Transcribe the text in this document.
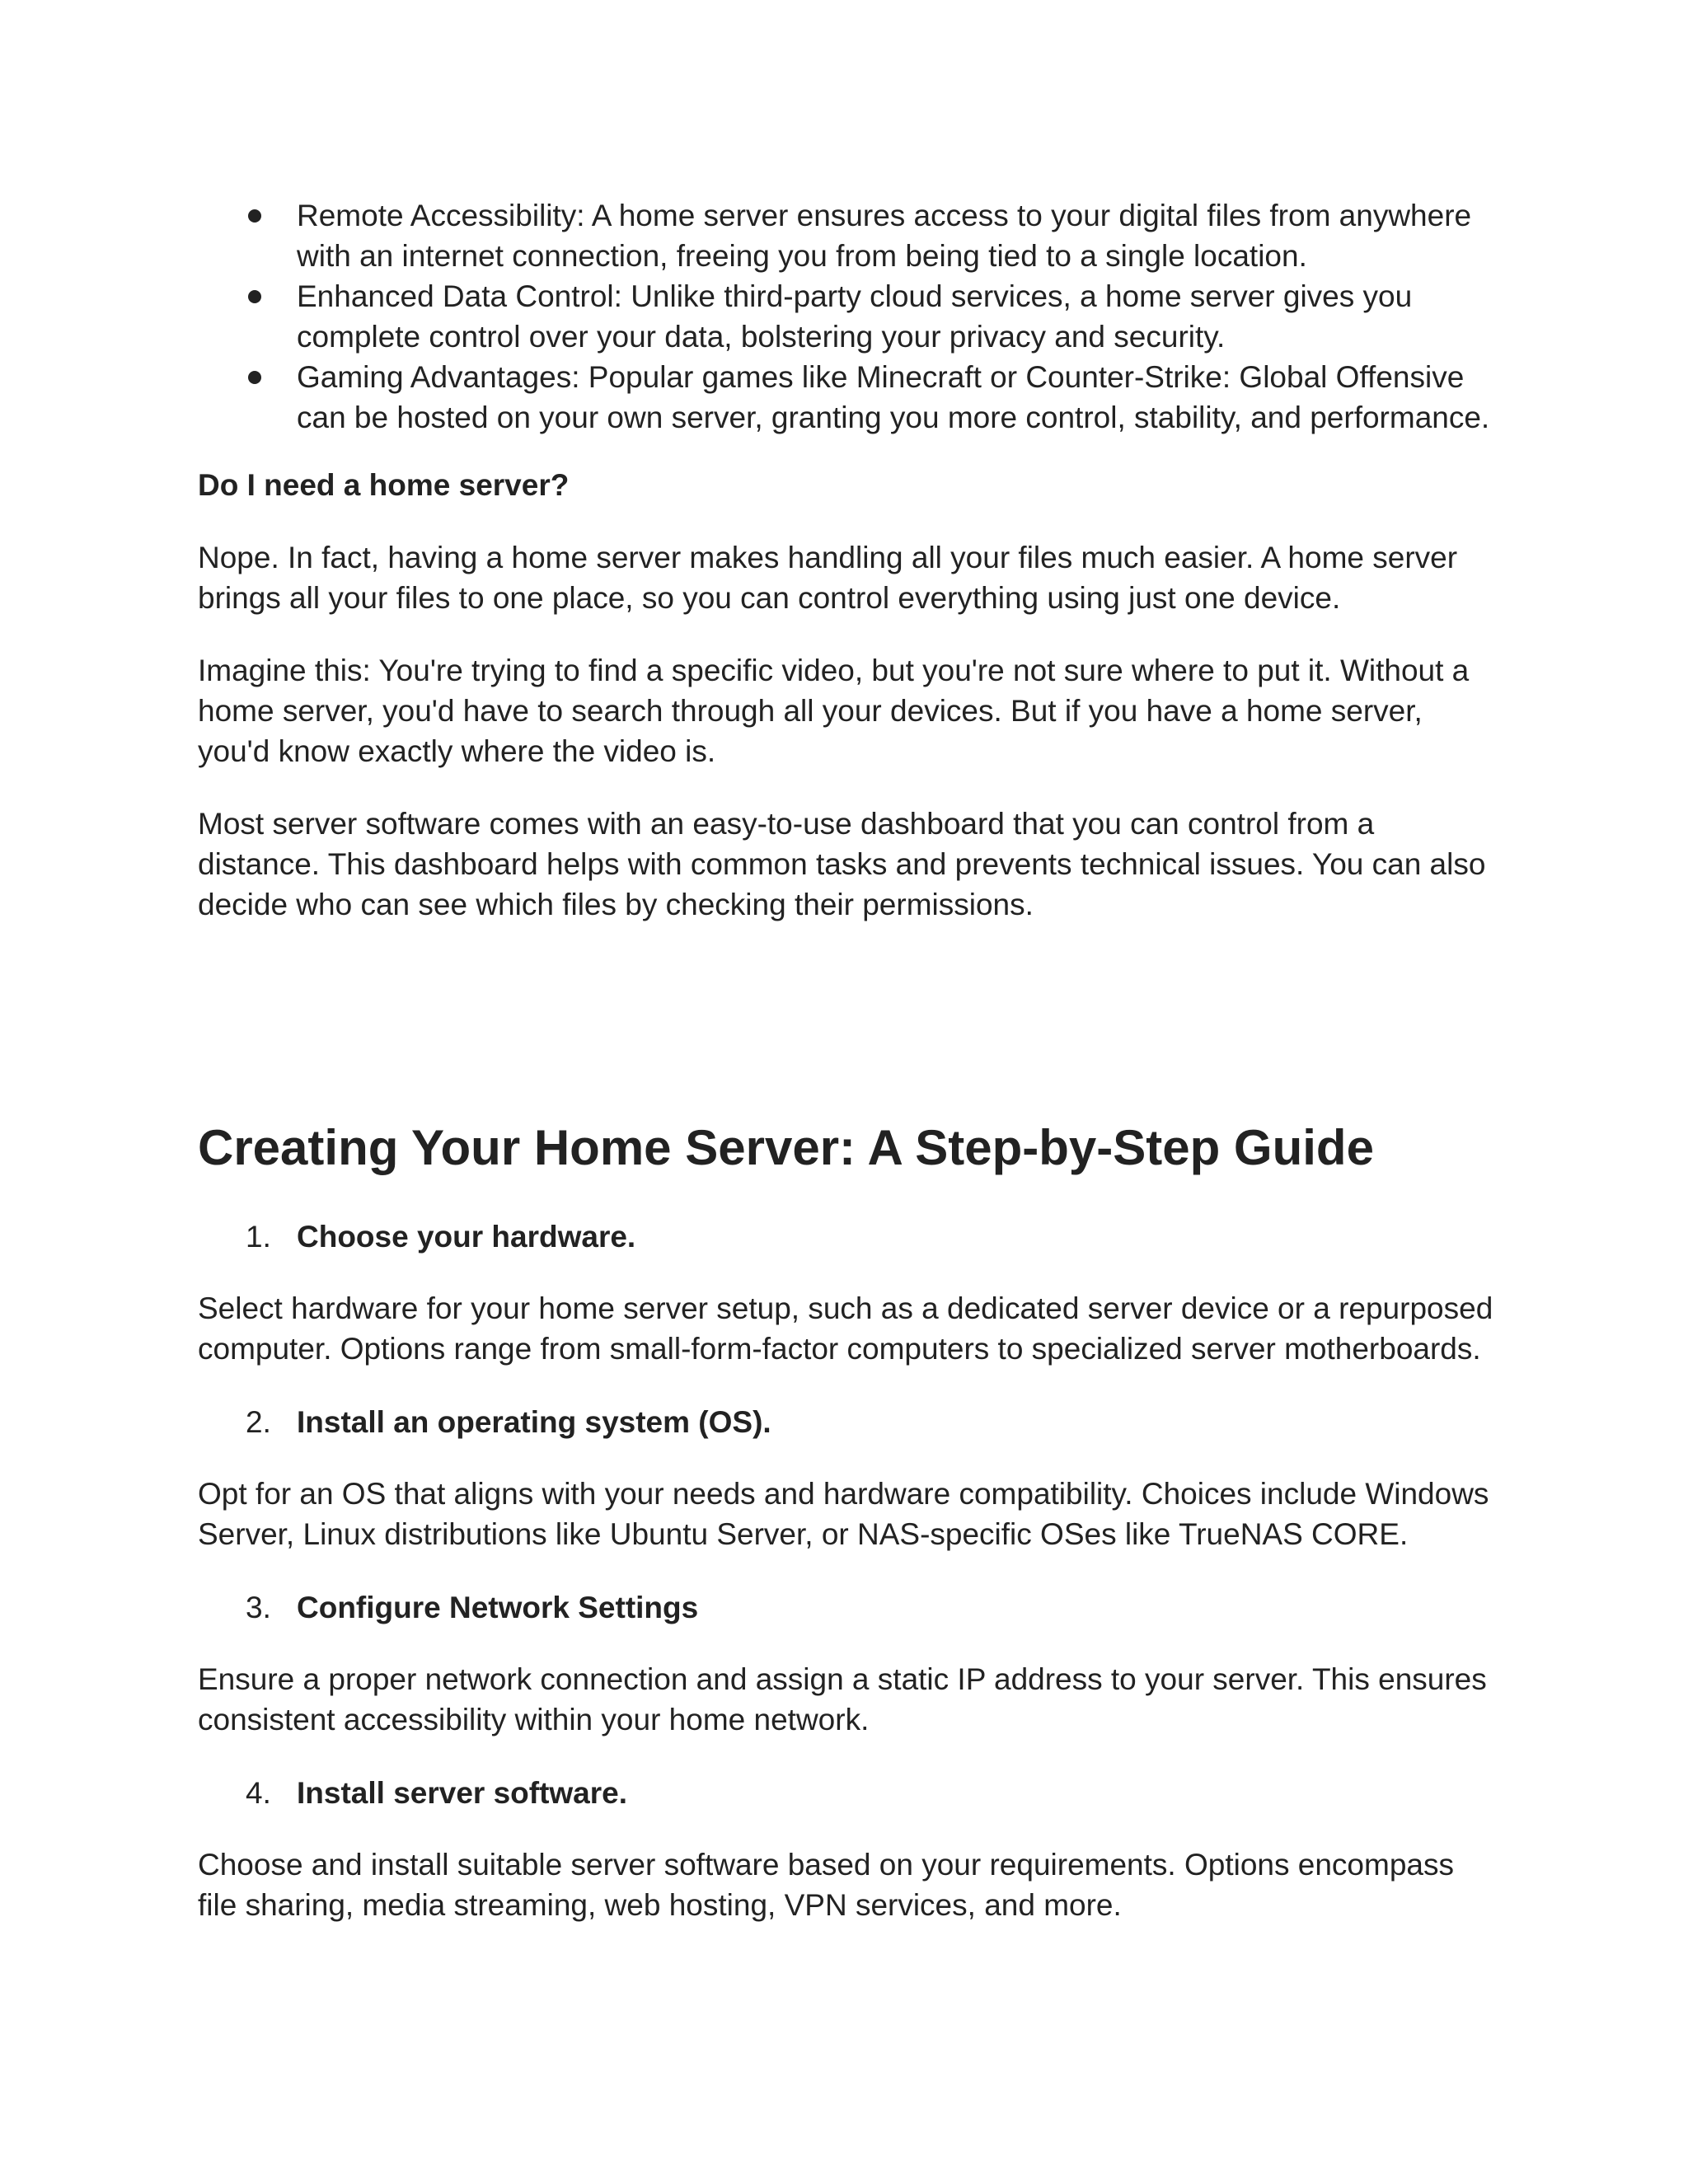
Remote Accessibility: A home server ensures access to your digital files from anywhere
with an internet connection, freeing you from being tied to a single location.
Enhanced Data Control: Unlike third-party cloud services, a home server gives you
complete control over your data, bolstering your privacy and security.
Gaming Advantages: Popular games like Minecraft or Counter-Strike: Global Offensive
can be hosted on your own server, granting you more control, stability, and performance.

Do I need a home server?

Nope. In fact, having a home server makes handling all your files much easier. A home server
brings all your files to one place, so you can control everything using just one device.

Imagine this: You're trying to find a specific video, but you're not sure where to put it. Without a
home server, you'd have to search through all your devices. But if you have a home server,
you'd know exactly where the video is.

Most server software comes with an easy-to-use dashboard that you can control from a
distance. This dashboard helps with common tasks and prevents technical issues. You can also
decide who can see which files by checking their permissions.

Creating Your Home Server: A Step-by-Step Guide
1. Choose your hardware.

Select hardware for your home server setup, such as a dedicated server device or a repurposed
computer. Options range from small-form-factor computers to specialized server motherboards.

2. Install an operating system (OS).

Opt for an OS that aligns with your needs and hardware compatibility. Choices include Windows
Server, Linux distributions like Ubuntu Server, or NAS-specific OSes like TrueNAS CORE.

3. Configure Network Settings

Ensure a proper network connection and assign a static IP address to your server. This ensures
consistent accessibility within your home network.

4. Install server software.

Choose and install suitable server software based on your requirements. Options encompass
file sharing, media streaming, web hosting, VPN services, and more.
